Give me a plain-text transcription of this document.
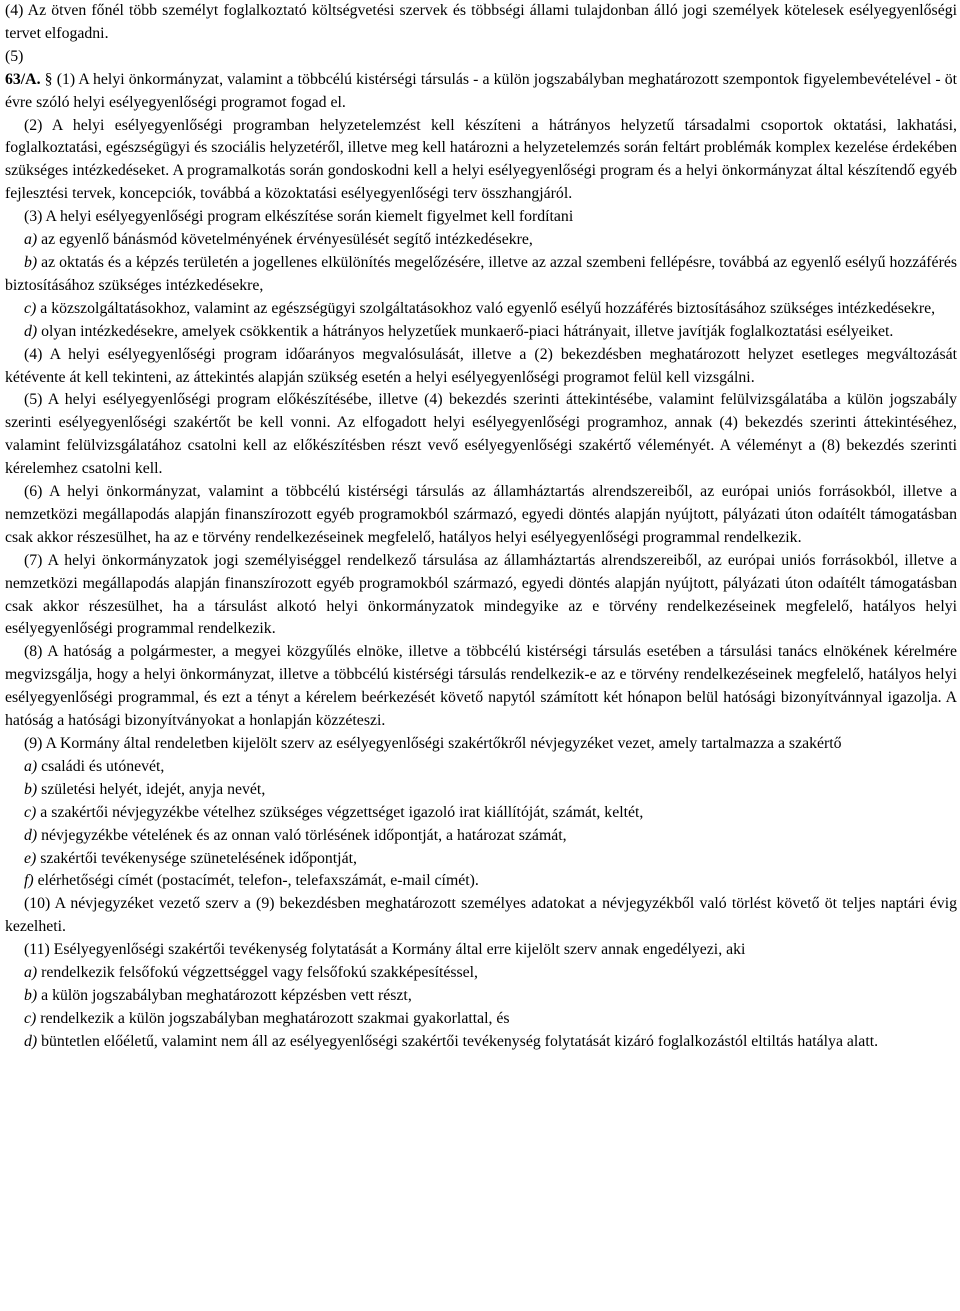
(4) Az ötven főnél több személyt foglalkoztató költségvetési szervek és többségi állami tulajdonban álló jogi személyek kötelesek esélyegyenlőségi tervet elfogadni.

(5)

63/A. § (1) A helyi önkormányzat, valamint a többcélú kistérségi társulás - a külön jogszabályban meghatározott szempontok figyelembevételével - öt évre szóló helyi esélyegyenlőségi programot fogad el.

(2) A helyi esélyegyenlőségi programban helyzetelemzést kell készíteni a hátrányos helyzetű társadalmi csoportok oktatási, lakhatási, foglalkoztatási, egészségügyi és szociális helyzetéről, illetve meg kell határozni a helyzetelemzés során feltárt problémák komplex kezelése érdekében szükséges intézkedéseket. A programalkotás során gondoskodni kell a helyi esélyegyenlőségi program és a helyi önkormányzat által készítendő egyéb fejlesztési tervek, koncepciók, továbbá a közoktatási esélyegyenlőségi terv összhangjáról.

(3) A helyi esélyegyenlőségi program elkészítése során kiemelt figyelmet kell fordítani

a) az egyenlő bánásmód követelményének érvényesülését segítő intézkedésekre,

b) az oktatás és a képzés területén a jogellenes elkülönítés megelőzésére, illetve az azzal szembeni fellépésre, továbbá az egyenlő esélyű hozzáférés biztosításához szükséges intézkedésekre,

c) a közszolgáltatásokhoz, valamint az egészségügyi szolgáltatásokhoz való egyenlő esélyű hozzáférés biztosításához szükséges intézkedésekre,

d) olyan intézkedésekre, amelyek csökkentik a hátrányos helyzetűek munkaerő-piaci hátrányait, illetve javítják foglalkoztatási esélyeiket.

(4) A helyi esélyegyenlőségi program időarányos megvalósulását, illetve a (2) bekezdésben meghatározott helyzet esetleges megváltozását kétévente át kell tekinteni, az áttekintés alapján szükség esetén a helyi esélyegyenlőségi programot felül kell vizsgálni.

(5) A helyi esélyegyenlőségi program előkészítésébe, illetve (4) bekezdés szerinti áttekintésébe, valamint felülvizsgálatába a külön jogszabály szerinti esélyegyenlőségi szakértőt be kell vonni. Az elfogadott helyi esélyegyenlőségi programhoz, annak (4) bekezdés szerinti áttekintéséhez, valamint felülvizsgálatához csatolni kell az előkészítésben részt vevő esélyegyenlőségi szakértő véleményét. A véleményt a (8) bekezdés szerinti kérelemhez csatolni kell.

(6) A helyi önkormányzat, valamint a többcélú kistérségi társulás az államháztartás alrendszereiből, az európai uniós forrásokból, illetve a nemzetközi megállapodás alapján finanszírozott egyéb programokból származó, egyedi döntés alapján nyújtott, pályázati úton odaítélt támogatásban csak akkor részesülhet, ha az e törvény rendelkezéseinek megfelelő, hatályos helyi esélyegyenlőségi programmal rendelkezik.

(7) A helyi önkormányzatok jogi személyiséggel rendelkező társulása az államháztartás alrendszereiből, az európai uniós forrásokból, illetve a nemzetközi megállapodás alapján finanszírozott egyéb programokból származó, egyedi döntés alapján nyújtott, pályázati úton odaítélt támogatásban csak akkor részesülhet, ha a társulást alkotó helyi önkormányzatok mindegyike az e törvény rendelkezéseinek megfelelő, hatályos helyi esélyegyenlőségi programmal rendelkezik.

(8) A hatóság a polgármester, a megyei közgyűlés elnöke, illetve a többcélú kistérségi társulás esetében a társulási tanács elnökének kérelmére megvizsgálja, hogy a helyi önkormányzat, illetve a többcélú kistérségi társulás rendelkezik-e az e törvény rendelkezéseinek megfelelő, hatályos helyi esélyegyenlőségi programmal, és ezt a tényt a kérelem beérkezését követő napytól számított két hónapon belül hatósági bizonyítvánnyal igazolja. A hatóság a hatósági bizonyítványokat a honlapján közzéteszi.

(9) A Kormány által rendeletben kijelölt szerv az esélyegyenlőségi szakértőkről névjegyzéket vezet, amely tartalmazza a szakértő

a) családi és utónevét,

b) születési helyét, idejét, anyja nevét,

c) a szakértői névjegyzékbe vételhez szükséges végzettséget igazoló irat kiállítóját, számát, keltét,

d) névjegyzékbe vételének és az onnan való törlésének időpontját, a határozat számát,

e) szakértői tevékenysége szünetelésének időpontját,

f) elérhetőségi címét (postacímét, telefon-, telefaxszámát, e-mail címét).

(10) A névjegyzéket vezető szerv a (9) bekezdésben meghatározott személyes adatokat a névjegyzékből való törlést követő öt teljes naptári évig kezelheti.

(11) Esélyegyenlőségi szakértői tevékenység folytatását a Kormány által erre kijelölt szerv annak engedélyezi, aki

a) rendelkezik felsőfokú végzettséggel vagy felsőfokú szakképesítéssel,

b) a külön jogszabályban meghatározott képzésben vett részt,

c) rendelkezik a külön jogszabályban meghatározott szakmai gyakorlattal, és

d) büntetlen előéletű, valamint nem áll az esélyegyenlőségi szakértői tevékenység folytatását kizáró foglalkozástól eltiltás hatálya alatt.
